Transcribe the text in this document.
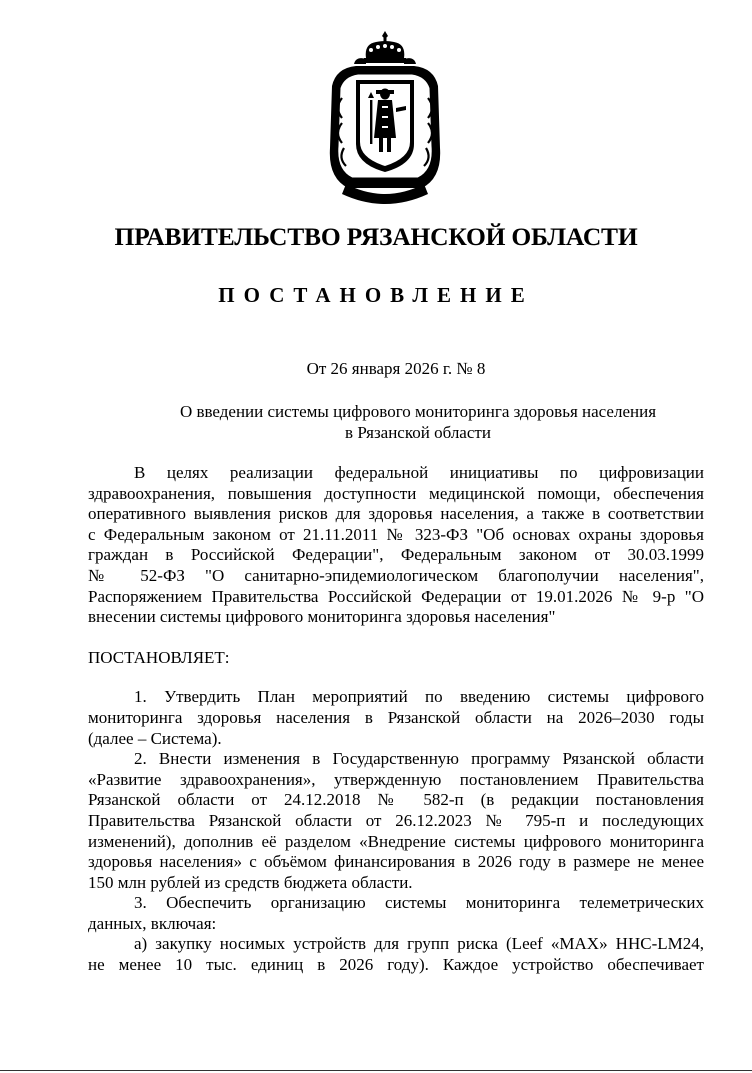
ПРАВИТЕЛЬСТВО РЯЗАНСКОЙ ОБЛАСТИ
ПОСТАНОВЛЕНИЕ
От 26 января 2026 г. № 8
О введении системы цифрового мониторинга здоровья населения
в Рязанской области
В целях реализации федеральной инициативы по цифровизации
здравоохранения, повышения доступности медицинской помощи, обеспечения
оперативного выявления рисков для здоровья населения, а также в соответствии
с Федеральным законом от 21.11.2011 № 323-ФЗ "Об основах охраны здоровья
граждан в Российской Федерации", Федеральным законом от 30.03.1999
№ 52-ФЗ "О санитарно-эпидемиологическом благополучии населения",
Распоряжением Правительства Российской Федерации от 19.01.2026 № 9-р "О
внесении системы цифрового мониторинга здоровья населения"
ПОСТАНОВЛЯЕТ:
1. Утвердить План мероприятий по введению системы цифрового
мониторинга здоровья населения в Рязанской области на 2026–2030 годы
(далее – Система).
2. Внести изменения в Государственную программу Рязанской области
«Развитие здравоохранения», утвержденную постановлением Правительства
Рязанской области от 24.12.2018 № 582-п (в редакции постановления
Правительства Рязанской области от 26.12.2023 № 795-п и последующих
изменений), дополнив её разделом «Внедрение системы цифрового мониторинга
здоровья населения» с объёмом финансирования в 2026 году в размере не менее
150 млн рублей из средств бюджета области.
3. Обеспечить организацию системы мониторинга телеметрических
данных, включая:
а) закупку носимых устройств для групп риска (Leef «MAX» HHC-LM24,
не менее 10 тыс. единиц в 2026 году). Каждое устройство обеспечивает
